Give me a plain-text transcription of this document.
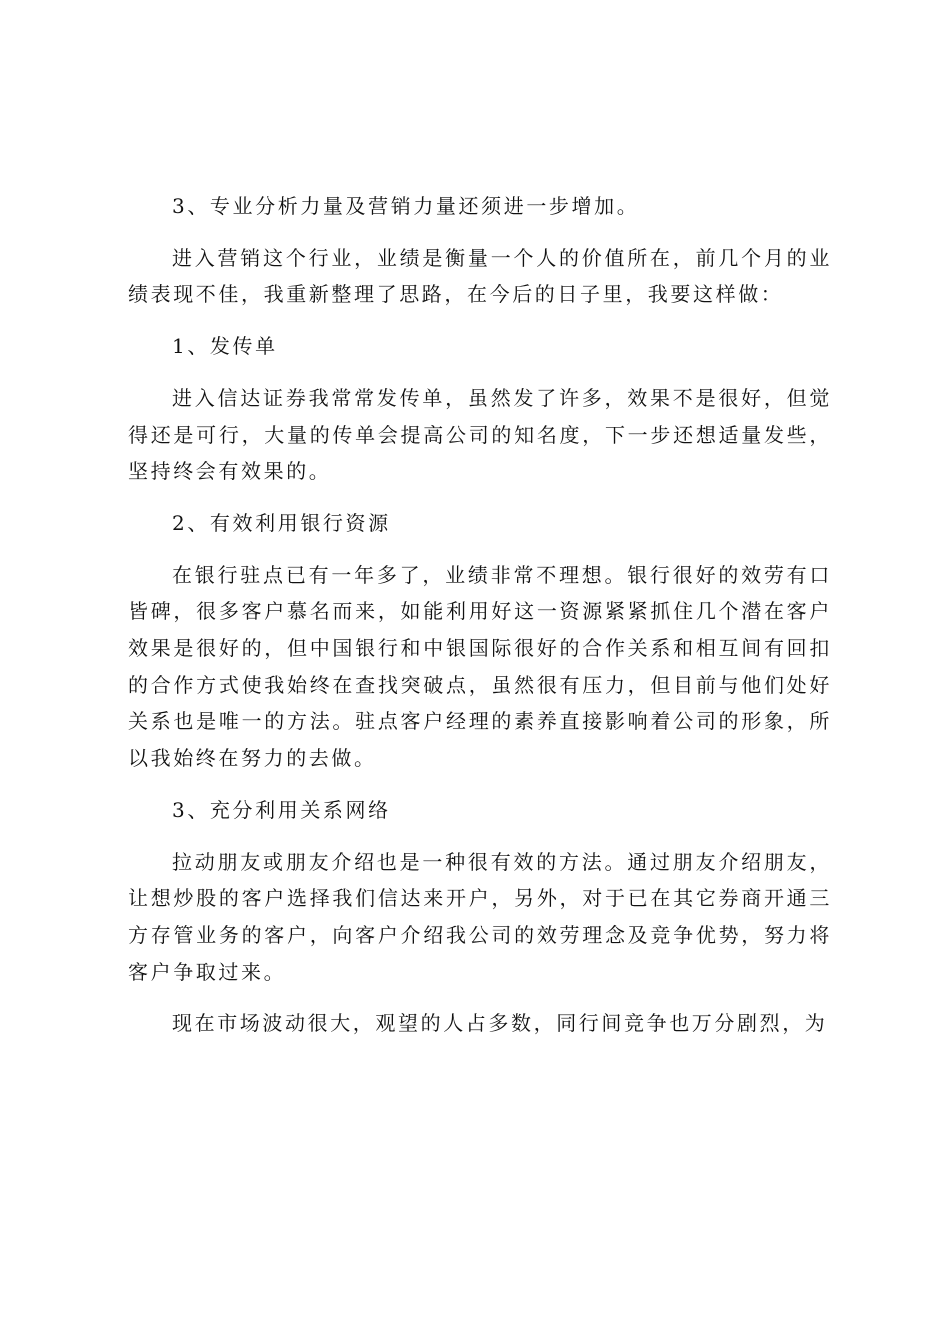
3、专业分析力量及营销力量还须进一步增加。

进入营销这个行业，业绩是衡量一个人的价值所在，前几个月的业绩表现不佳，我重新整理了思路，在今后的日子里，我要这样做：

1、发传单

进入信达证券我常常发传单，虽然发了许多，效果不是很好，但觉得还是可行，大量的传单会提高公司的知名度，下一步还想适量发些，坚持终会有效果的。

2、有效利用银行资源

在银行驻点已有一年多了，业绩非常不理想。银行很好的效劳有口皆碑，很多客户慕名而来，如能利用好这一资源紧紧抓住几个潜在客户效果是很好的，但中国银行和中银国际很好的合作关系和相互间有回扣的合作方式使我始终在查找突破点，虽然很有压力，但目前与他们处好关系也是唯一的方法。驻点客户经理的素养直接影响着公司的形象，所以我始终在努力的去做。

3、充分利用关系网络

拉动朋友或朋友介绍也是一种很有效的方法。通过朋友介绍朋友，让想炒股的客户选择我们信达来开户，另外，对于已在其它券商开通三方存管业务的客户，向客户介绍我公司的效劳理念及竞争优势，努力将客户争取过来。

现在市场波动很大，观望的人占多数，同行间竞争也万分剧烈，为
